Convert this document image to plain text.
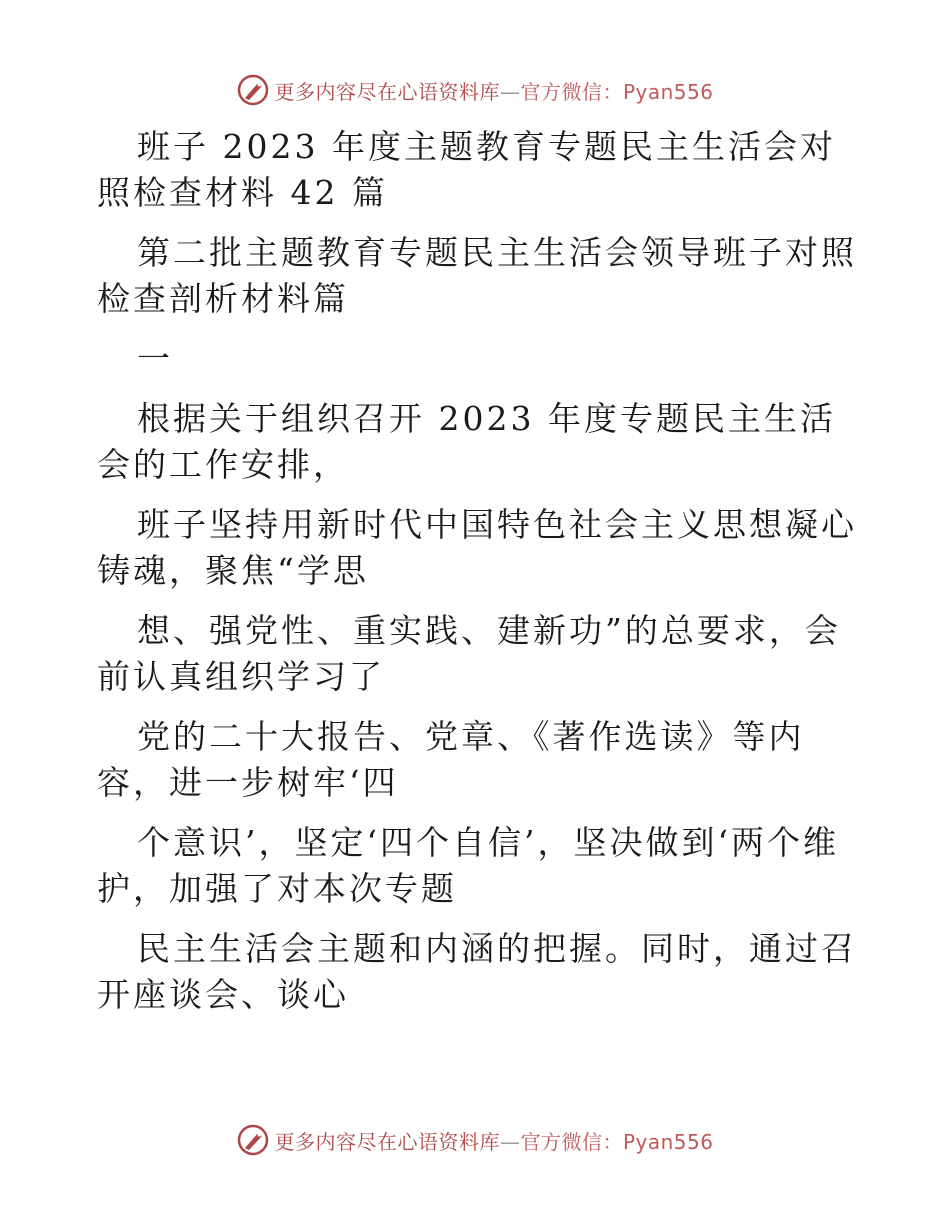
更多内容尽在心语资料库—官方微信：Pyan556

班子 2023 年度主题教育专题民主生活会对照检查材料 42 篇

第二批主题教育专题民主生活会领导班子对照检查剖析材料篇

一

根据关于组织召开 2023 年度专题民主生活会的工作安排，

班子坚持用新时代中国特色社会主义思想凝心铸魂，聚焦“学思

想、强党性、重实践、建新功”的总要求，会前认真组织学习了

党的二十大报告、党章、《著作选读》等内容，进一步树牢‘四

个意识’，坚定‘四个自信’，坚决做到‘两个维护，加强了对本次专题

民主生活会主题和内涵的把握。同时，通过召开座谈会、谈心

更多内容尽在心语资料库—官方微信：Pyan556
